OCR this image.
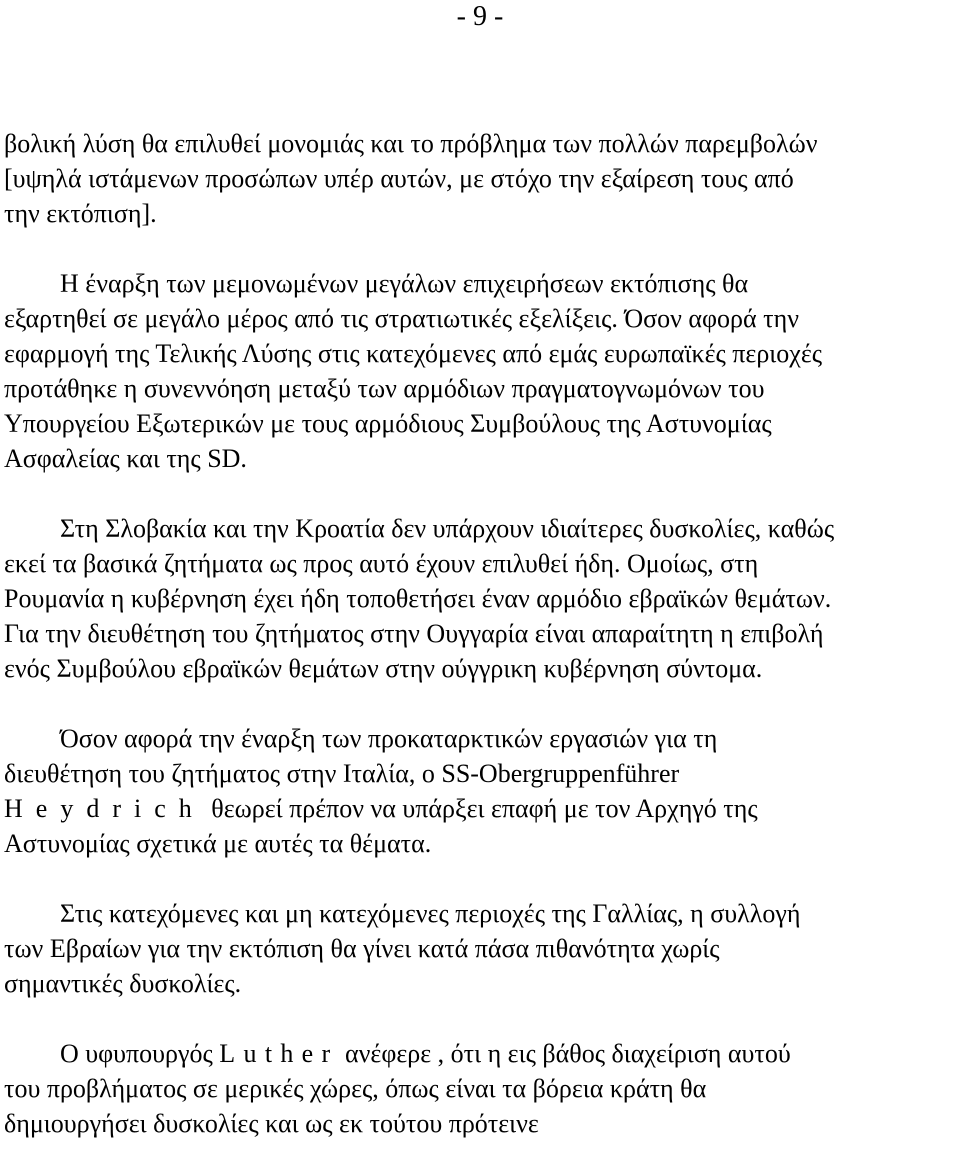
- 9 -
βολική λύση θα επιλυθεί μονομιάς και το πρόβλημα των πολλών παρεμβολών
[υψηλά ιστάμενων προσώπων υπέρ αυτών, με στόχο την εξαίρεση τους από
την εκτόπιση].
Η έναρξη των μεμονωμένων μεγάλων επιχειρήσεων εκτόπισης θα
εξαρτηθεί σε μεγάλο μέρος από τις στρατιωτικές εξελίξεις. Όσον αφορά την
εφαρμογή της Τελικής Λύσης στις κατεχόμενες από εμάς ευρωπαϊκές περιοχές
προτάθηκε η συνεννόηση μεταξύ των αρμόδιων πραγματογνωμόνων του
Υπουργείου Εξωτερικών με τους αρμόδιους Συμβούλους της Αστυνομίας
Ασφαλείας και της SD.
Στη Σλοβακία και την Κροατία δεν υπάρχουν ιδιαίτερες δυσκολίες, καθώς
εκεί τα βασικά ζητήματα ως προς αυτό έχουν επιλυθεί ήδη. Ομοίως, στη
Ρουμανία η κυβέρνηση έχει ήδη τοποθετήσει έναν αρμόδιο εβραϊκών θεμάτων.
Για την διευθέτηση του ζητήματος στην Ουγγαρία είναι απαραίτητη η επιβολή
ενός Συμβούλου εβραϊκών θεμάτων στην ούγγρικη κυβέρνηση σύντομα.
Όσον αφορά την έναρξη των προκαταρκτικών εργασιών για τη
διευθέτηση του ζητήματος στην Ιταλία, ο SS-Obergruppenführer
Heydrich θεωρεί πρέπον να υπάρξει επαφή με τον Αρχηγό της
Αστυνομίας σχετικά με αυτές τα θέματα.
Στις κατεχόμενες και μη κατεχόμενες περιοχές της Γαλλίας, η συλλογή
των Εβραίων για την εκτόπιση θα γίνει κατά πάσα πιθανότητα χωρίς
σημαντικές δυσκολίες.
Ο υφυπουργός Luther ανέφερε , ότι η εις βάθος διαχείριση αυτού
του προβλήματος σε μερικές χώρες, όπως είναι τα βόρεια κράτη θα
δημιουργήσει δυσκολίες και ως εκ τούτου πρότεινε
